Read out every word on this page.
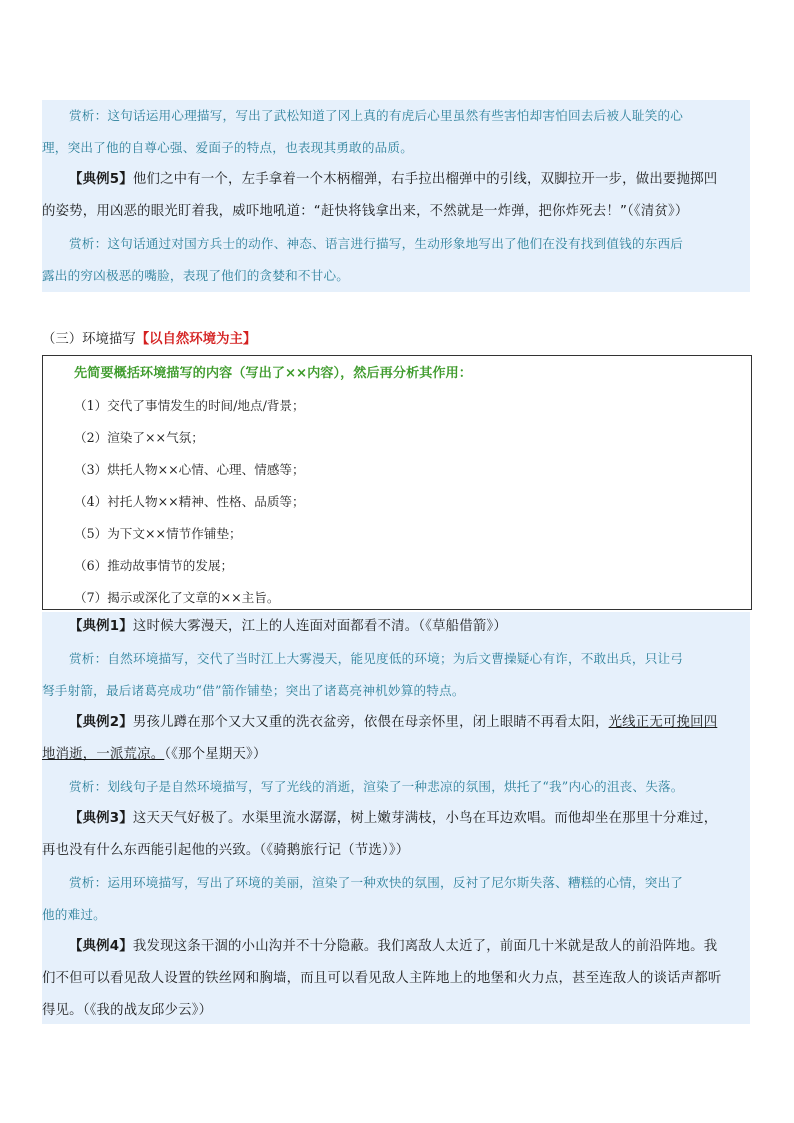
赏析：这句话运用心理描写，写出了武松知道了冈上真的有虎后心里虽然有些害怕却害怕回去后被人耻笑的心
理，突出了他的自尊心强、爱面子的特点，也表现其勇敢的品质。
【典例5】他们之中有一个，左手拿着一个木柄榴弹，右手拉出榴弹中的引线，双脚拉开一步，做出要抛掷凹
的姿势，用凶恶的眼光盯着我，威吓地吼道：“赶快将钱拿出来，不然就是一炸弹，把你炸死去！”（《清贫》）
赏析：这句话通过对国方兵士的动作、神态、语言进行描写，生动形象地写出了他们在没有找到值钱的东西后
露出的穷凶极恶的嘴脸，表现了他们的贪婪和不甘心。
（三）环境描写【以自然环境为主】
先简要概括环境描写的内容（写出了××内容），然后再分析其作用：
（1）交代了事情发生的时间/地点/背景；
（2）渲染了××气氛；
（3）烘托人物××心情、心理、情感等；
（4）衬托人物××精神、性格、品质等；
（5）为下文××情节作铺垫；
（6）推动故事情节的发展；
（7）揭示或深化了文章的××主旨。
【典例1】这时候大雾漫天，江上的人连面对面都看不清。（《草船借箭》）
赏析：自然环境描写，交代了当时江上大雾漫天，能见度低的环境；为后文曹操疑心有诈，不敢出兵，只让弓
弩手射箭，最后诸葛亮成功“借”箭作铺垫；突出了诸葛亮神机妙算的特点。
【典例2】男孩儿蹲在那个又大又重的洗衣盆旁，依偎在母亲怀里，闭上眼睛不再看太阳，光线正无可挽回四
地消逝，一派荒凉。（《那个星期天》）
赏析：划线句子是自然环境描写，写了光线的消逝，渲染了一种悲凉的氛围，烘托了“我”内心的沮丧、失落。
【典例3】这天天气好极了。水渠里流水潺潺，树上嫩芽满枝，小鸟在耳边欢唱。而他却坐在那里十分难过，
再也没有什么东西能引起他的兴致。（《骑鹅旅行记（节选）》）
赏析：运用环境描写，写出了环境的美丽，渲染了一种欢快的氛围，反衬了尼尔斯失落、糟糕的心情，突出了
他的难过。
【典例4】我发现这条干涸的小山沟并不十分隐蔽。我们离敌人太近了，前面几十米就是敌人的前沿阵地。我
们不但可以看见敌人设置的铁丝网和胸墙，而且可以看见敌人主阵地上的地堡和火力点，甚至连敌人的谈话声都听
得见。（《我的战友邱少云》）
